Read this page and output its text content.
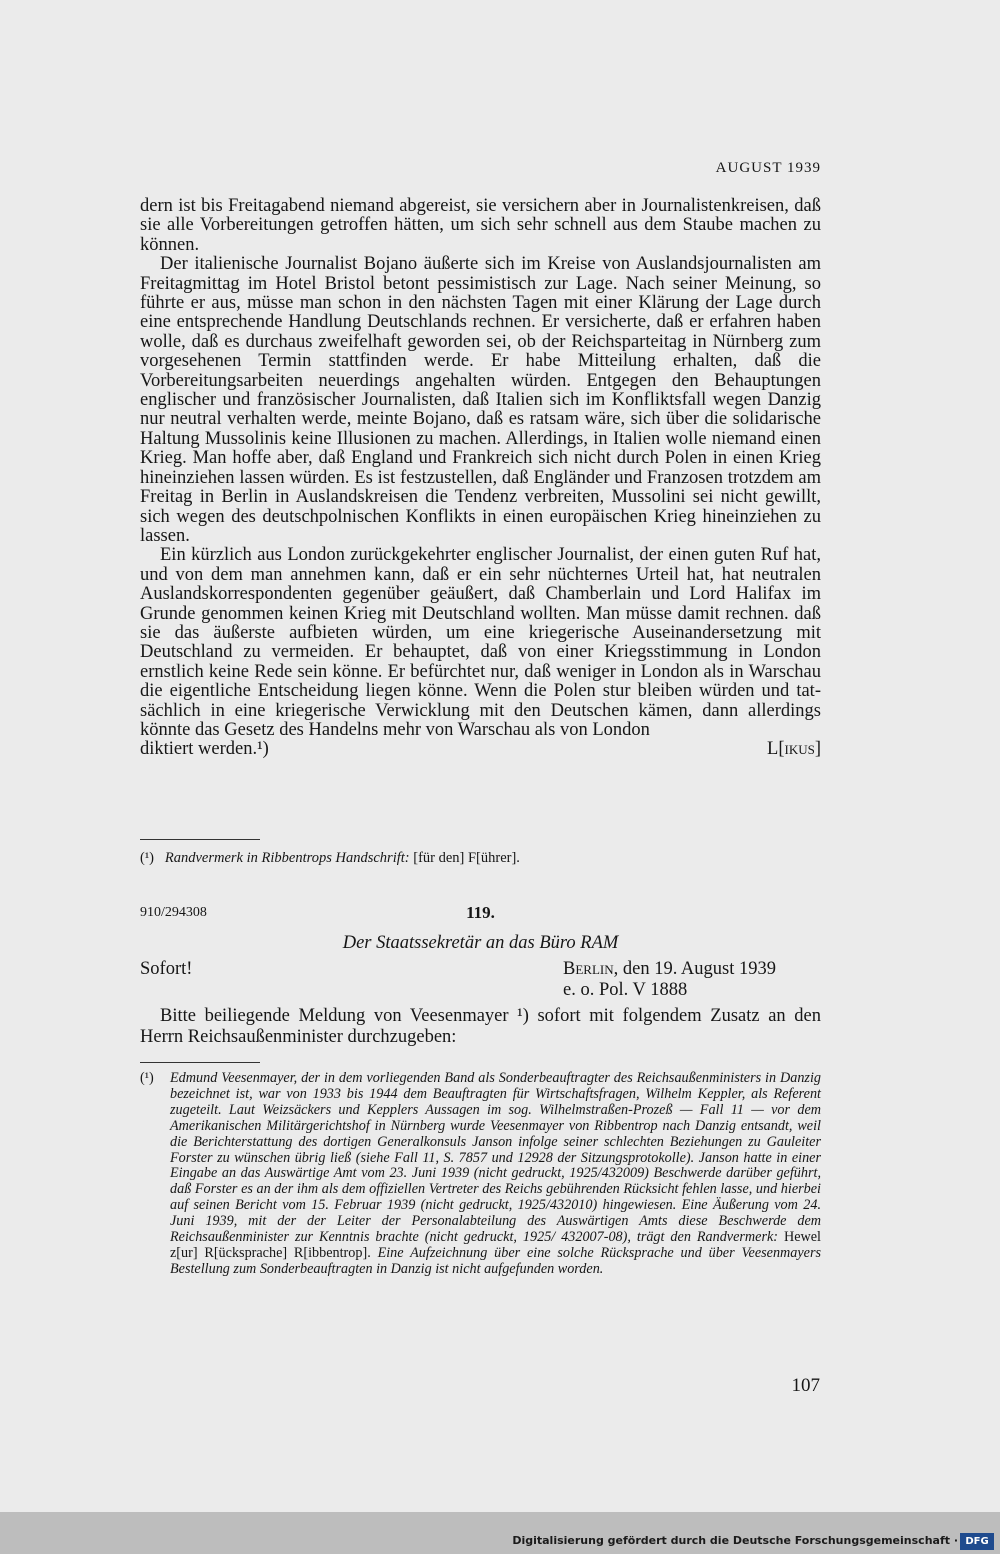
AUGUST 1939

dern ist bis Freitagabend niemand abgereist, sie versichern aber in Journalistenkreisen, daß sie alle Vorbereitungen getroffen hätten, um sich sehr schnell aus dem Staube machen zu können.

Der italienische Journalist Bojano äußerte sich im Kreise von Auslandsjournalisten am Freitagmittag im Hotel Bristol betont pessimistisch zur Lage. Nach seiner Meinung, so führte er aus, müsse man schon in den nächsten Tagen mit einer Klärung der Lage durch eine entsprechende Handlung Deutschlands rechnen. Er versicherte, daß er erfahren haben wolle, daß es durchaus zweifelhaft geworden sei, ob der Reichsparteitag in Nürnberg zum vorgesehenen Termin stattfinden werde. Er habe Mitteilung erhalten, daß die Vorbereitungsarbeiten neuerdings angehalten würden. Entgegen den Behauptungen englischer und französischer Journalisten, daß Italien sich im Konfliktsfall wegen Danzig nur neutral verhalten werde, meinte Bojano, daß es ratsam wäre, sich über die solidarische Haltung Mussolinis keine Illusionen zu machen. Allerdings, in Italien wolle niemand einen Krieg. Man hoffe aber, daß England und Frankreich sich nicht durch Polen in einen Krieg hineinziehen lassen würden. Es ist festzustellen, daß Engländer und Franzosen trotzdem am Freitag in Berlin in Auslandskreisen die Tendenz verbreiten, Mussolini sei nicht gewillt, sich wegen des deutschpolnischen Konflikts in einen europäischen Krieg hineinziehen zu lassen.

Ein kürzlich aus London zurückgekehrter englischer Journalist, der einen guten Ruf hat, und von dem man annehmen kann, daß er ein sehr nüchternes Urteil hat, hat neutralen Auslandskorrespondenten gegenüber geäußert, daß Chamberlain und Lord Halifax im Grunde genommen keinen Krieg mit Deutschland wollten. Man müsse damit rechnen. daß sie das äußerste aufbieten würden, um eine kriegerische Auseinandersetzung mit Deutschland zu vermeiden. Er behauptet, daß von einer Kriegsstimmung in London ernstlich keine Rede sein könne. Er befürchtet nur, daß weniger in London als in Warschau die eigentliche Entscheidung liegen könne. Wenn die Polen stur bleiben würden und tatsächlich in eine kriegerische Verwicklung mit den Deutschen kämen, dann allerdings könnte das Gesetz des Handelns mehr von Warschau als von London

diktiert werden.¹)	L[ikus]
(¹) Randvermerk in Ribbentrops Handschrift: [für den] F[ührer].
910/294308	119.
Der Staatssekretär an das Büro RAM
Sofort!	Berlin, den 19. August 1939
e. o. Pol. V 1888

Bitte beiliegende Meldung von Veesenmayer ¹) sofort mit folgendem Zusatz an den Herrn Reichsaußenminister durchzugeben:

(¹) Edmund Veesenmayer, der in dem vorliegenden Band als Sonderbeauftragter des Reichsaußenministers in Danzig bezeichnet ist, war von 1933 bis 1944 dem Beauftragten für Wirtschaftsfragen, Wilhelm Keppler, als Referent zugeteilt. Laut Weizsäckers und Kepplers Aussagen im sog. Wilhelmstraßen-Prozeß — Fall 11 — vor dem Amerikanischen Militärgerichtshof in Nürnberg wurde Veesenmayer von Ribbentrop nach Danzig entsandt, weil die Berichterstattung des dortigen Generalkonsuls Janson infolge seiner schlechten Beziehungen zu Gauleiter Forster zu wünschen übrig ließ (siehe Fall 11, S. 7857 und 12928 der Sitzungsprotokolle). Janson hatte in einer Eingabe an das Auswärtige Amt vom 23. Juni 1939 (nicht gedruckt, 1925/432009) Beschwerde darüber geführt, daß Forster es an der ihm als dem offiziellen Vertreter des Reichs gebührenden Rücksicht fehlen lasse, und hierbei auf seinen Bericht vom 15. Februar 1939 (nicht gedruckt, 1925/432010) hingewiesen. Eine Äußerung vom 24. Juni 1939, mit der der Leiter der Personalabteilung des Auswärtigen Amts diese Beschwerde dem Reichsaußenminister zur Kenntnis brachte (nicht gedruckt, 1925/ 432007-08), trägt den Randvermerk: Hewel z[ur] R[ücksprache] R[ibbentrop]. Eine Aufzeichnung über eine solche Rücksprache und über Veesenmayers Bestellung zum Sonderbeauftragten in Danzig ist nicht aufgefunden worden.
107
Digitalisierung gefördert durch die Deutsche Forschungsgemeinschaft · DFG
